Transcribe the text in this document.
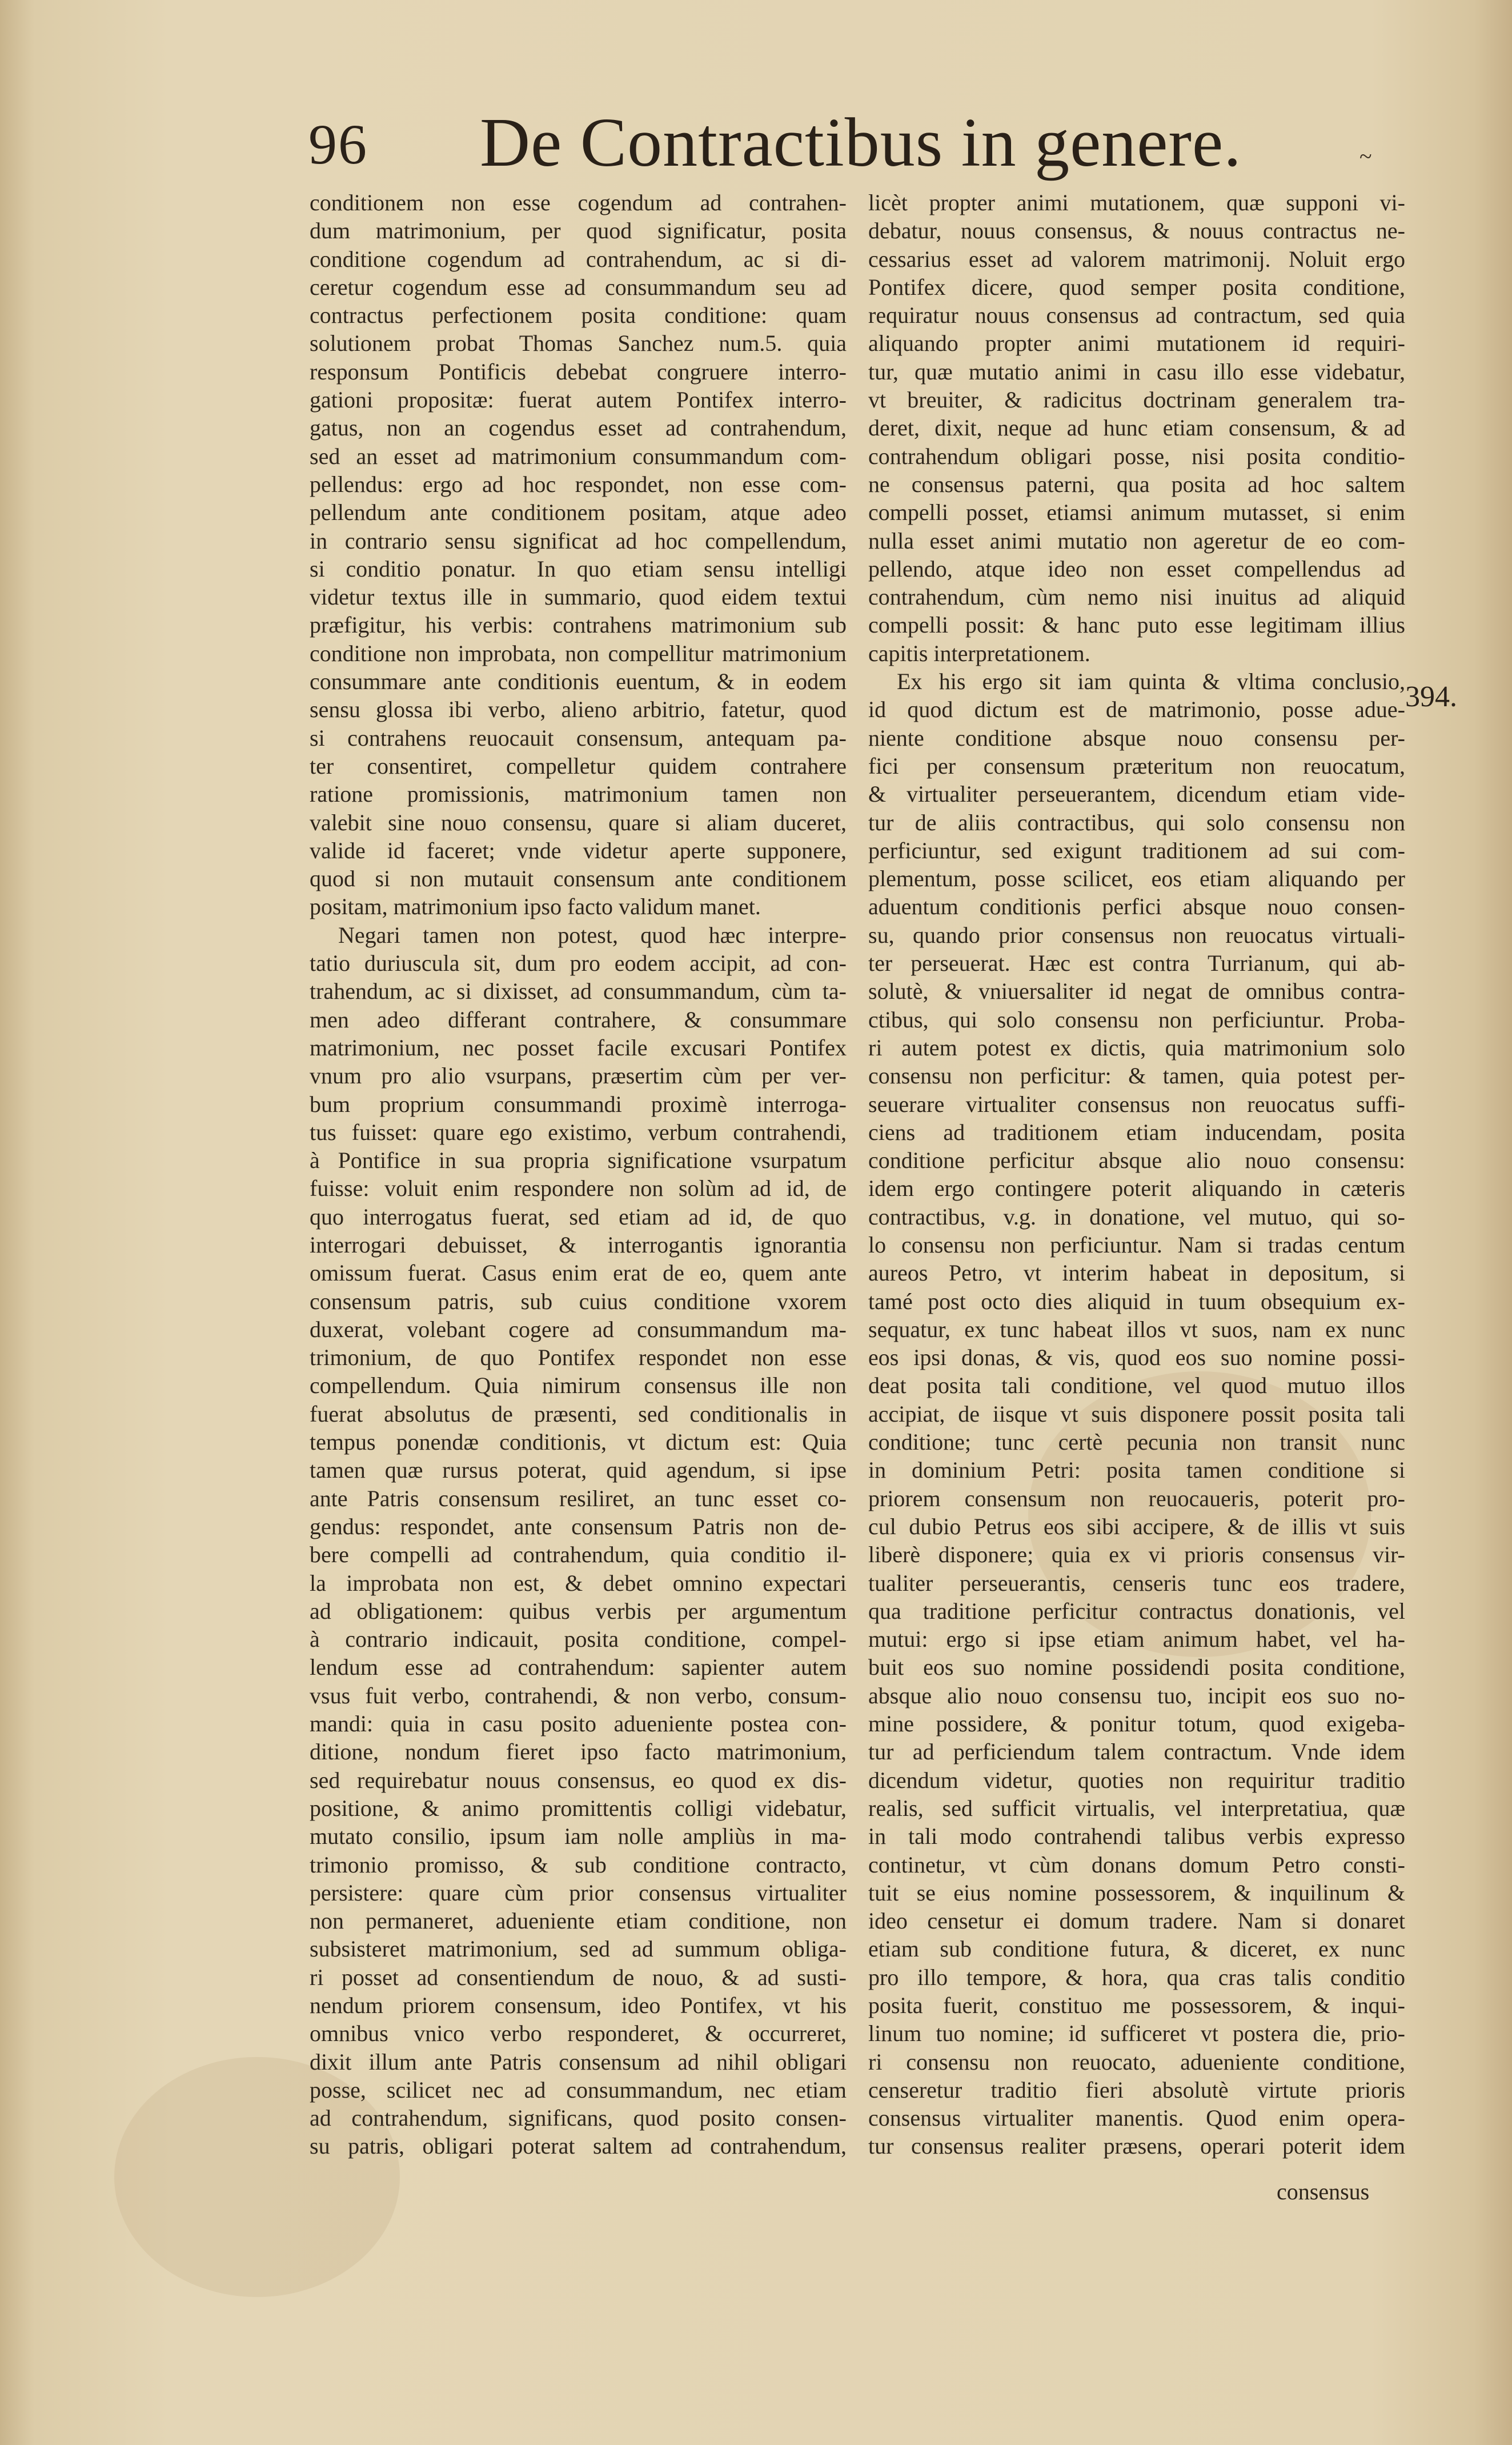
96 De Contractibus in genere.	~
conditionem non esse cogendum ad contrahen-
dum matrimonium, per quod significatur, posita
conditione cogendum ad contrahendum, ac si di-
ceretur cogendum esse ad consummandum seu ad
contractus perfectionem posita conditione: quam
solutionem probat Thomas Sanchez num.5. quia
responsum Pontificis debebat congruere interro-
gationi propositæ: fuerat autem Pontifex interro-
gatus, non an cogendus esset ad contrahendum,
sed an esset ad matrimonium consummandum com-
pellendus: ergo ad hoc respondet, non esse com-
pellendum ante conditionem positam, atque adeo
in contrario sensu significat ad hoc compellendum,
si conditio ponatur. In quo etiam sensu intelligi
videtur textus ille in summario, quod eidem textui
præfigitur, his verbis: contrahens matrimonium sub
conditione non improbata, non compellitur matrimonium
consummare ante conditionis euentum, & in eodem
sensu glossa ibi verbo, alieno arbitrio, fatetur, quod
si contrahens reuocauit consensum, antequam pa-
ter consentiret, compelletur quidem contrahere
ratione promissionis, matrimonium tamen non
valebit sine nouo consensu, quare si aliam duceret,
valide id faceret; vnde videtur aperte supponere,
quod si non mutauit consensum ante conditionem
positam, matrimonium ipso facto validum manet.
Negari tamen non potest, quod hæc interpre-
tatio duriuscula sit, dum pro eodem accipit, ad con-
trahendum, ac si dixisset, ad consummandum, cùm ta-
men adeo differant contrahere, & consummare
matrimonium, nec posset facile excusari Pontifex
vnum pro alio vsurpans, præsertim cùm per ver-
bum proprium consummandi proximè interroga-
tus fuisset: quare ego existimo, verbum contrahendi,
à Pontifice in sua propria significatione vsurpatum
fuisse: voluit enim respondere non solùm ad id, de
quo interrogatus fuerat, sed etiam ad id, de quo
interrogari debuisset, & interrogantis ignorantia
omissum fuerat. Casus enim erat de eo, quem ante
consensum patris, sub cuius conditione vxorem
duxerat, volebant cogere ad consummandum ma-
trimonium, de quo Pontifex respondet non esse
compellendum. Quia nimirum consensus ille non
fuerat absolutus de præsenti, sed conditionalis in
tempus ponendæ conditionis, vt dictum est: Quia
tamen quæ rursus poterat, quid agendum, si ipse
ante Patris consensum resiliret, an tunc esset co-
gendus: respondet, ante consensum Patris non de-
bere compelli ad contrahendum, quia conditio il-
la improbata non est, & debet omnino expectari
ad obligationem: quibus verbis per argumentum
à contrario indicauit, posita conditione, compel-
lendum esse ad contrahendum: sapienter autem
vsus fuit verbo, contrahendi, & non verbo, consum-
mandi: quia in casu posito adueniente postea con-
ditione, nondum fieret ipso facto matrimonium,
sed requirebatur nouus consensus, eo quod ex dis-
positione, & animo promittentis colligi videbatur,
mutato consilio, ipsum iam nolle ampliùs in ma-
trimonio promisso, & sub conditione contracto,
persistere: quare cùm prior consensus virtualiter
non permaneret, adueniente etiam conditione, non
subsisteret matrimonium, sed ad summum obliga-
ri posset ad consentiendum de nouo, & ad susti-
nendum priorem consensum, ideo Pontifex, vt his
omnibus vnico verbo responderet, & occurreret,
dixit illum ante Patris consensum ad nihil obligari
posse, scilicet nec ad consummandum, nec etiam
ad contrahendum, significans, quod posito consen-
su patris, obligari poterat saltem ad contrahendum,
licèt propter animi mutationem, quæ supponi vi-
debatur, nouus consensus, & nouus contractus ne-
cessarius esset ad valorem matrimonij. Noluit ergo
Pontifex dicere, quod semper posita conditione,
requiratur nouus consensus ad contractum, sed quia
aliquando propter animi mutationem id requiri-
tur, quæ mutatio animi in casu illo esse videbatur,
vt breuiter, & radicitus doctrinam generalem tra-
deret, dixit, neque ad hunc etiam consensum, & ad
contrahendum obligari posse, nisi posita conditio-
ne consensus paterni, qua posita ad hoc saltem
compelli posset, etiamsi animum mutasset, si enim
nulla esset animi mutatio non ageretur de eo com-
pellendo, atque ideo non esset compellendus ad
contrahendum, cùm nemo nisi inuitus ad aliquid
compelli possit: & hanc puto esse legitimam illius
capitis interpretationem.
Ex his ergo sit iam quinta & vltima conclusio,
id quod dictum est de matrimonio, posse adue-
niente conditione absque nouo consensu per-
fici per consensum præteritum non reuocatum,
& virtualiter perseuerantem, dicendum etiam vide-
tur de aliis contractibus, qui solo consensu non
perficiuntur, sed exigunt traditionem ad sui com-
plementum, posse scilicet, eos etiam aliquando per
aduentum conditionis perfici absque nouo consen-
su, quando prior consensus non reuocatus virtuali-
ter perseuerat. Hæc est contra Turrianum, qui ab-
solutè, & vniuersaliter id negat de omnibus contra-
ctibus, qui solo consensu non perficiuntur. Proba-
ri autem potest ex dictis, quia matrimonium solo
consensu non perficitur: & tamen, quia potest per-
seuerare virtualiter consensus non reuocatus suffi-
ciens ad traditionem etiam inducendam, posita
conditione perficitur absque alio nouo consensu:
idem ergo contingere poterit aliquando in cæteris
contractibus, v.g. in donatione, vel mutuo, qui so-
lo consensu non perficiuntur. Nam si tradas centum
aureos Petro, vt interim habeat in depositum, si
tamé post octo dies aliquid in tuum obsequium ex-
sequatur, ex tunc habeat illos vt suos, nam ex nunc
eos ipsi donas, & vis, quod eos suo nomine possi-
deat posita tali conditione, vel quod mutuo illos
accipiat, de iisque vt suis disponere possit posita tali
conditione; tunc certè pecunia non transit nunc
in dominium Petri: posita tamen conditione si
priorem consensum non reuocaueris, poterit pro-
cul dubio Petrus eos sibi accipere, & de illis vt suis
liberè disponere; quia ex vi prioris consensus vir-
tualiter perseuerantis, censeris tunc eos tradere,
qua traditione perficitur contractus donationis, vel
mutui: ergo si ipse etiam animum habet, vel ha-
buit eos suo nomine possidendi posita conditione,
absque alio nouo consensu tuo, incipit eos suo no-
mine possidere, & ponitur totum, quod exigeba-
tur ad perficiendum talem contractum. Vnde idem
dicendum videtur, quoties non requiritur traditio
realis, sed sufficit virtualis, vel interpretatiua, quæ
in tali modo contrahendi talibus verbis expresso
continetur, vt cùm donans domum Petro consti-
tuit se eius nomine possessorem, & inquilinum &
ideo censetur ei domum tradere. Nam si donaret
etiam sub conditione futura, & diceret, ex nunc
pro illo tempore, & hora, qua cras talis conditio
posita fuerit, constituo me possessorem, & inqui-
linum tuo nomine; id sufficeret vt postera die, prio-
ri consensu non reuocato, adueniente conditione,
censeretur traditio fieri absolutè virtute prioris
consensus virtualiter manentis. Quod enim opera-
tur consensus realiter præsens, operari poterit idem
394.
consensus
